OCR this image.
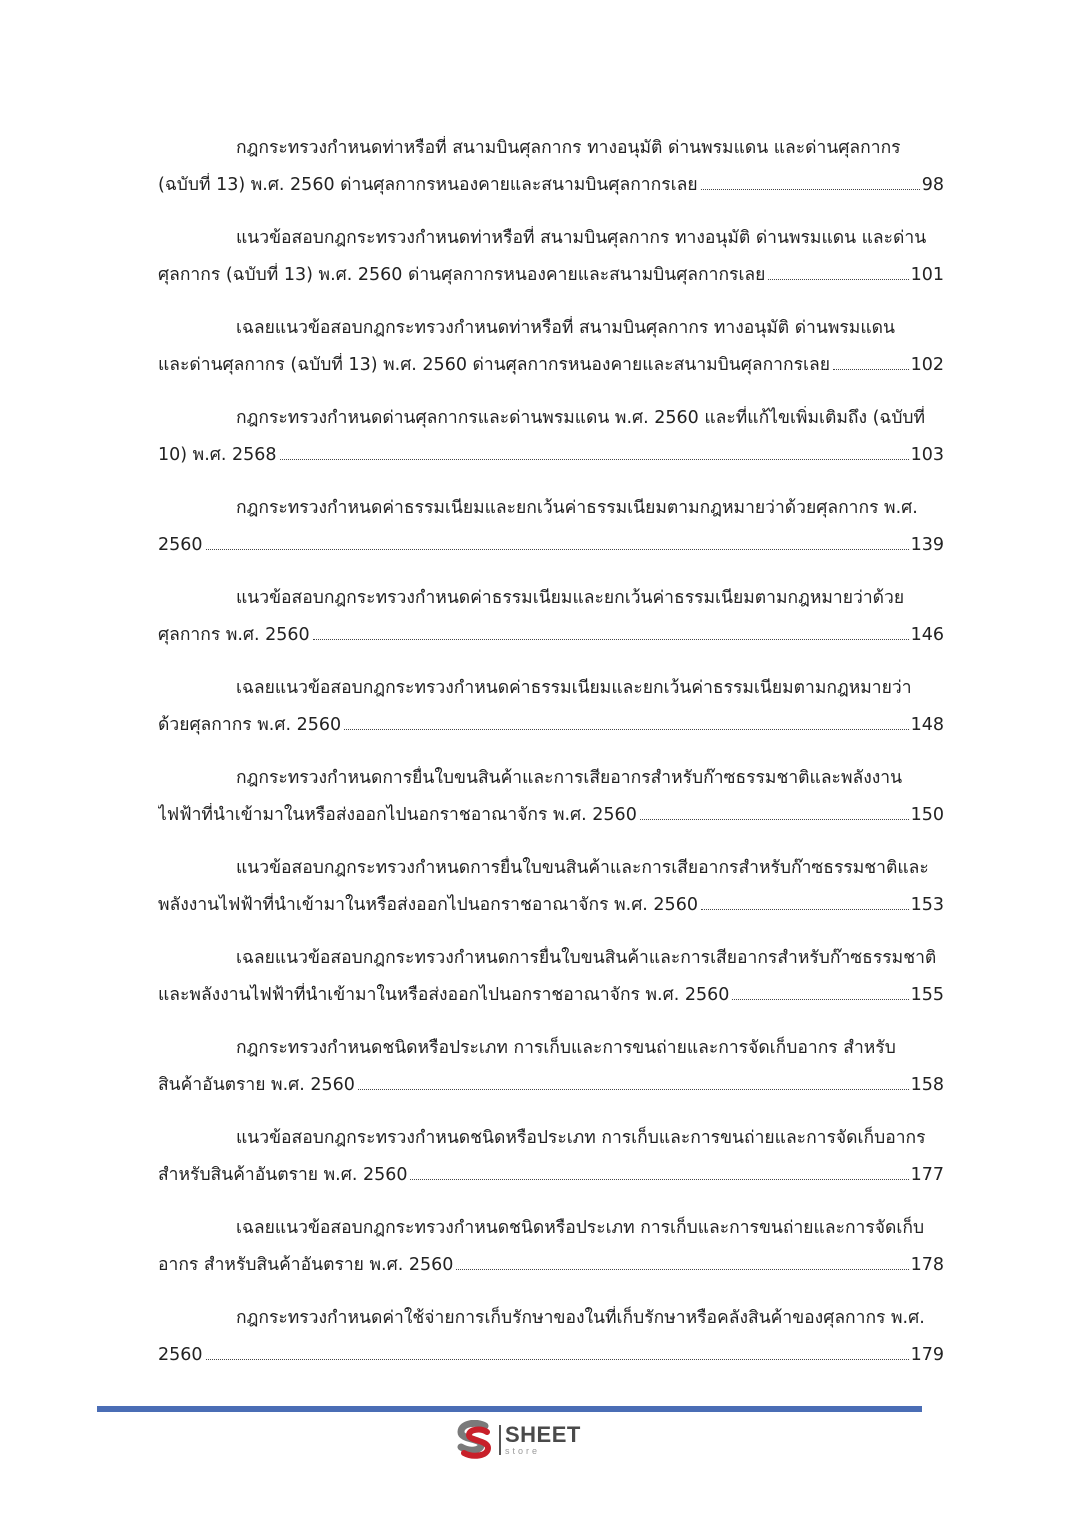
กฎกระทรวงกำหนดท่าหรือที่ สนามบินศุลกากร ทางอนุมัติ ด่านพรมแดน และด่านศุลกากร
(ฉบับที่ 13) พ.ศ. 2560 ด่านศุลกากรหนองคายและสนามบินศุลกากรเลย	98
แนวข้อสอบกฎกระทรวงกำหนดท่าหรือที่ สนามบินศุลกากร ทางอนุมัติ ด่านพรมแดน และด่าน
ศุลกากร (ฉบับที่ 13) พ.ศ. 2560 ด่านศุลกากรหนองคายและสนามบินศุลกากรเลย	101
เฉลยแนวข้อสอบกฎกระทรวงกำหนดท่าหรือที่ สนามบินศุลกากร ทางอนุมัติ ด่านพรมแดน
และด่านศุลกากร (ฉบับที่ 13) พ.ศ. 2560 ด่านศุลกากรหนองคายและสนามบินศุลกากรเลย	102
กฎกระทรวงกำหนดด่านศุลกากรและด่านพรมแดน พ.ศ. 2560 และที่แก้ไขเพิ่มเติมถึง (ฉบับที่
10) พ.ศ. 2568	103
กฎกระทรวงกำหนดค่าธรรมเนียมและยกเว้นค่าธรรมเนียมตามกฎหมายว่าด้วยศุลกากร พ.ศ.
2560	139
แนวข้อสอบกฎกระทรวงกำหนดค่าธรรมเนียมและยกเว้นค่าธรรมเนียมตามกฎหมายว่าด้วย
ศุลกากร พ.ศ. 2560	146
เฉลยแนวข้อสอบกฎกระทรวงกำหนดค่าธรรมเนียมและยกเว้นค่าธรรมเนียมตามกฎหมายว่า
ด้วยศุลกากร พ.ศ. 2560	148
กฎกระทรวงกำหนดการยื่นใบขนสินค้าและการเสียอากรสำหรับก๊าซธรรมชาติและพลังงาน
ไฟฟ้าที่นำเข้ามาในหรือส่งออกไปนอกราชอาณาจักร พ.ศ. 2560	150
แนวข้อสอบกฎกระทรวงกำหนดการยื่นใบขนสินค้าและการเสียอากรสำหรับก๊าซธรรมชาติและ
พลังงานไฟฟ้าที่นำเข้ามาในหรือส่งออกไปนอกราชอาณาจักร พ.ศ. 2560	153
เฉลยแนวข้อสอบกฎกระทรวงกำหนดการยื่นใบขนสินค้าและการเสียอากรสำหรับก๊าซธรรมชาติ
และพลังงานไฟฟ้าที่นำเข้ามาในหรือส่งออกไปนอกราชอาณาจักร พ.ศ. 2560	155
กฎกระทรวงกำหนดชนิดหรือประเภท การเก็บและการขนถ่ายและการจัดเก็บอากร สำหรับ
สินค้าอันตราย พ.ศ. 2560	158
แนวข้อสอบกฎกระทรวงกำหนดชนิดหรือประเภท การเก็บและการขนถ่ายและการจัดเก็บอากร
สำหรับสินค้าอันตราย พ.ศ. 2560	177
เฉลยแนวข้อสอบกฎกระทรวงกำหนดชนิดหรือประเภท การเก็บและการขนถ่ายและการจัดเก็บ
อากร สำหรับสินค้าอันตราย พ.ศ. 2560	178
กฎกระทรวงกำหนดค่าใช้จ่ายการเก็บรักษาของในที่เก็บรักษาหรือคลังสินค้าของศุลกากร พ.ศ.
2560	179
SHEET
store
